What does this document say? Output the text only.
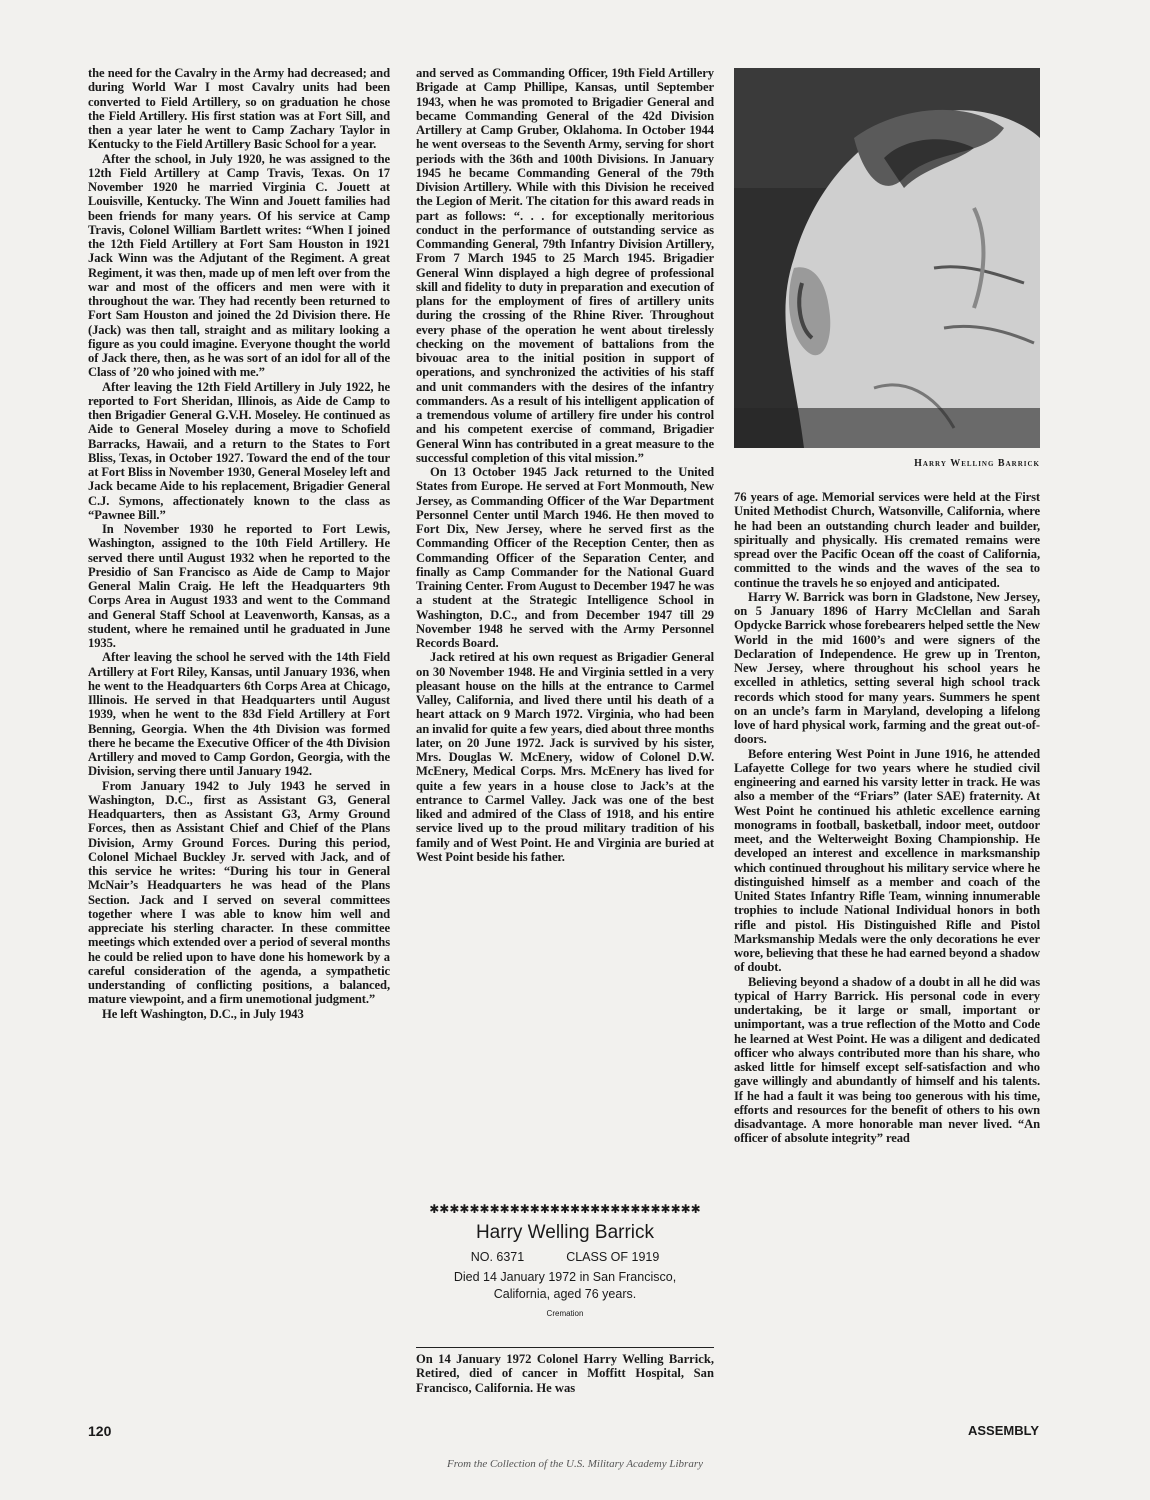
the need for the Cavalry in the Army had decreased; and during World War I most Cavalry units had been converted to Field Artillery, so on graduation he chose the Field Artillery. His first station was at Fort Sill, and then a year later he went to Camp Zachary Taylor in Kentucky to the Field Artillery Basic School for a year.

After the school, in July 1920, he was assigned to the 12th Field Artillery at Camp Travis, Texas. On 17 November 1920 he married Virginia C. Jouett at Louisville, Kentucky. The Winn and Jouett families had been friends for many years. Of his service at Camp Travis, Colonel William Bartlett writes: “When I joined the 12th Field Artillery at Fort Sam Houston in 1921 Jack Winn was the Adjutant of the Regiment. A great Regiment, it was then, made up of men left over from the war and most of the officers and men were with it throughout the war. They had recently been returned to Fort Sam Houston and joined the 2d Division there. He (Jack) was then tall, straight and as military looking a figure as you could imagine. Everyone thought the world of Jack there, then, as he was sort of an idol for all of the Class of ’20 who joined with me.”

After leaving the 12th Field Artillery in July 1922, he reported to Fort Sheridan, Illinois, as Aide de Camp to then Brigadier General G.V.H. Moseley. He continued as Aide to General Moseley during a move to Schofield Barracks, Hawaii, and a return to the States to Fort Bliss, Texas, in October 1927. Toward the end of the tour at Fort Bliss in November 1930, General Moseley left and Jack became Aide to his replacement, Brigadier General C.J. Symons, affectionately known to the class as “Pawnee Bill.”

In November 1930 he reported to Fort Lewis, Washington, assigned to the 10th Field Artillery. He served there until August 1932 when he reported to the Presidio of San Francisco as Aide de Camp to Major General Malin Craig. He left the Headquarters 9th Corps Area in August 1933 and went to the Command and General Staff School at Leavenworth, Kansas, as a student, where he remained until he graduated in June 1935.

After leaving the school he served with the 14th Field Artillery at Fort Riley, Kansas, until January 1936, when he went to the Headquarters 6th Corps Area at Chicago, Illinois. He served in that Headquarters until August 1939, when he went to the 83d Field Artillery at Fort Benning, Georgia. When the 4th Division was formed there he became the Executive Officer of the 4th Division Artillery and moved to Camp Gordon, Georgia, with the Division, serving there until January 1942.

From January 1942 to July 1943 he served in Washington, D.C., first as Assistant G3, General Headquarters, then as Assistant G3, Army Ground Forces, then as Assistant Chief and Chief of the Plans Division, Army Ground Forces. During this period, Colonel Michael Buckley Jr. served with Jack, and of this service he writes: “During his tour in General McNair’s Headquarters he was head of the Plans Section. Jack and I served on several committees together where I was able to know him well and appreciate his sterling character. In these committee meetings which extended over a period of several months he could be relied upon to have done his homework by a careful consideration of the agenda, a sympathetic understanding of conflicting positions, a balanced, mature viewpoint, and a firm unemotional judgment.”

He left Washington, D.C., in July 1943

and served as Commanding Officer, 19th Field Artillery Brigade at Camp Phillipe, Kansas, until September 1943, when he was promoted to Brigadier General and became Commanding General of the 42d Division Artillery at Camp Gruber, Oklahoma. In October 1944 he went overseas to the Seventh Army, serving for short periods with the 36th and 100th Divisions. In January 1945 he became Commanding General of the 79th Division Artillery. While with this Division he received the Legion of Merit. The citation for this award reads in part as follows: “. . . for exceptionally meritorious conduct in the performance of outstanding service as Commanding General, 79th Infantry Division Artillery, From 7 March 1945 to 25 March 1945. Brigadier General Winn displayed a high degree of professional skill and fidelity to duty in preparation and execution of plans for the employment of fires of artillery units during the crossing of the Rhine River. Throughout every phase of the operation he went about tirelessly checking on the movement of battalions from the bivouac area to the initial position in support of operations, and synchronized the activities of his staff and unit commanders with the desires of the infantry commanders. As a result of his intelligent application of a tremendous volume of artillery fire under his control and his competent exercise of command, Brigadier General Winn has contributed in a great measure to the successful completion of this vital mission.”

On 13 October 1945 Jack returned to the United States from Europe. He served at Fort Monmouth, New Jersey, as Commanding Officer of the War Department Personnel Center until March 1946. He then moved to Fort Dix, New Jersey, where he served first as the Commanding Officer of the Reception Center, then as Commanding Officer of the Separation Center, and finally as Camp Commander for the National Guard Training Center. From August to December 1947 he was a student at the Strategic Intelligence School in Washington, D.C., and from December 1947 till 29 November 1948 he served with the Army Personnel Records Board.

Jack retired at his own request as Brigadier General on 30 November 1948. He and Virginia settled in a very pleasant house on the hills at the entrance to Carmel Valley, California, and lived there until his death of a heart attack on 9 March 1972. Virginia, who had been an invalid for quite a few years, died about three months later, on 20 June 1972. Jack is survived by his sister, Mrs. Douglas W. McEnery, widow of Colonel D.W. McEnery, Medical Corps. Mrs. McEnery has lived for quite a few years in a house close to Jack’s at the entrance to Carmel Valley. Jack was one of the best liked and admired of the Class of 1918, and his entire service lived up to the proud military tradition of his family and of West Point. He and Virginia are buried at West Point beside his father.

✱✱✱✱✱✱✱✱✱✱✱✱✱✱✱✱✱✱✱✱✱✱✱✱✱✱✱
Harry Welling Barrick
NO. 6371	CLASS OF 1919
Died 14 January 1972 in San Francisco,
California, aged 76 years.
Cremation

On 14 January 1972 Colonel Harry Welling Barrick, Retired, died of cancer in Moffitt Hospital, San Francisco, California. He was

Harry Welling Barrick

76 years of age. Memorial services were held at the First United Methodist Church, Watsonville, California, where he had been an outstanding church leader and builder, spiritually and physically. His cremated remains were spread over the Pacific Ocean off the coast of California, committed to the winds and the waves of the sea to continue the travels he so enjoyed and anticipated.

Harry W. Barrick was born in Gladstone, New Jersey, on 5 January 1896 of Harry McClellan and Sarah Opdycke Barrick whose forebearers helped settle the New World in the mid 1600’s and were signers of the Declaration of Independence. He grew up in Trenton, New Jersey, where throughout his school years he excelled in athletics, setting several high school track records which stood for many years. Summers he spent on an uncle’s farm in Maryland, developing a lifelong love of hard physical work, farming and the great out-of-doors.

Before entering West Point in June 1916, he attended Lafayette College for two years where he studied civil engineering and earned his varsity letter in track. He was also a member of the “Friars” (later SAE) fraternity. At West Point he continued his athletic excellence earning monograms in football, basketball, indoor meet, outdoor meet, and the Welterweight Boxing Championship. He developed an interest and excellence in marksmanship which continued throughout his military service where he distinguished himself as a member and coach of the United States Infantry Rifle Team, winning innumerable trophies to include National Individual honors in both rifle and pistol. His Distinguished Rifle and Pistol Marksmanship Medals were the only decorations he ever wore, believing that these he had earned beyond a shadow of doubt.

Believing beyond a shadow of a doubt in all he did was typical of Harry Barrick. His personal code in every undertaking, be it large or small, important or unimportant, was a true reflection of the Motto and Code he learned at West Point. He was a diligent and dedicated officer who always contributed more than his share, who asked little for himself except self-satisfaction and who gave willingly and abundantly of himself and his talents. If he had a fault it was being too generous with his time, efforts and resources for the benefit of others to his own disadvantage. A more honorable man never lived. “An officer of absolute integrity” read

120	ASSEMBLY
From the Collection of the U.S. Military Academy Library
